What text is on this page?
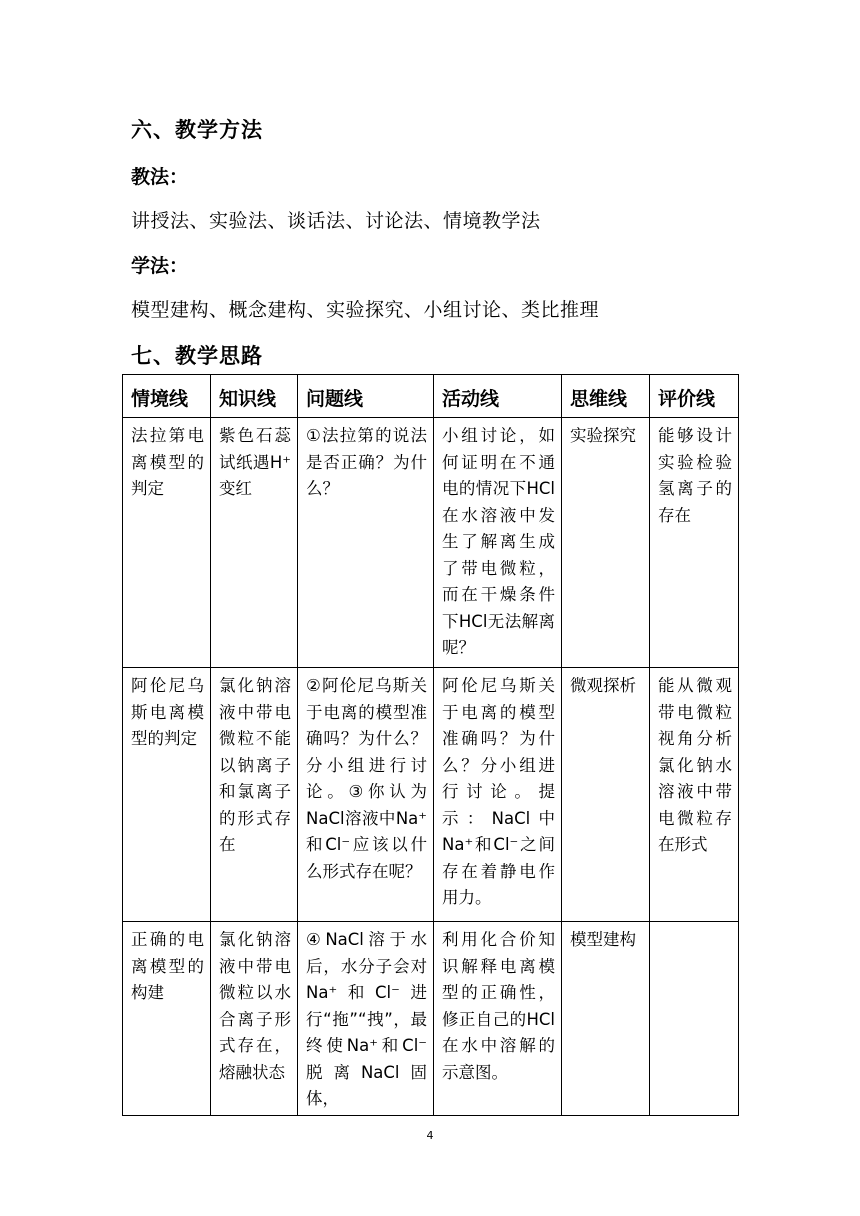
六、教学方法
教法：
讲授法、实验法、谈话法、讨论法、情境教学法
学法：
模型建构、概念建构、实验探究、小组讨论、类比推理
七、教学思路
情境线	知识线	问题线	活动线	思维线	评价线
法拉第电离模型的判定	紫色石蕊试纸遇H⁺变红	①法拉第的说法是否正确？为什么？	小组讨论，如何证明在不通电的情况下HCl在水溶液中发生了解离生成了带电微粒，而在干燥条件下HCl无法解离呢？	实验探究	能够设计实验检验氢离子的存在
阿伦尼乌斯电离模型的判定	氯化钠溶液中带电微粒不能以钠离子和氯离子的形式存在	②阿伦尼乌斯关于电离的模型准确吗？为什么？分小组进行讨论。③你认为NaCl溶液中Na⁺和Cl⁻应该以什么形式存在呢？	阿伦尼乌斯关于电离的模型准确吗？为什么？分小组进行讨论。提示：NaCl中Na⁺和Cl⁻之间存在着静电作用力。	微观探析	能从微观带电微粒视角分析氯化钠水溶液中带电微粒存在形式
正确的电离模型的构建	氯化钠溶液中带电微粒以水合离子形式存在，熔融状态	④NaCl溶于水后，水分子会对Na⁺和Cl⁻进行“拖”“拽”，最终使Na⁺和Cl⁻脱离NaCl固体，	利用化合价知识解释电离模型的正确性，修正自己的HCl在水中溶解的示意图。	模型建构	
4
